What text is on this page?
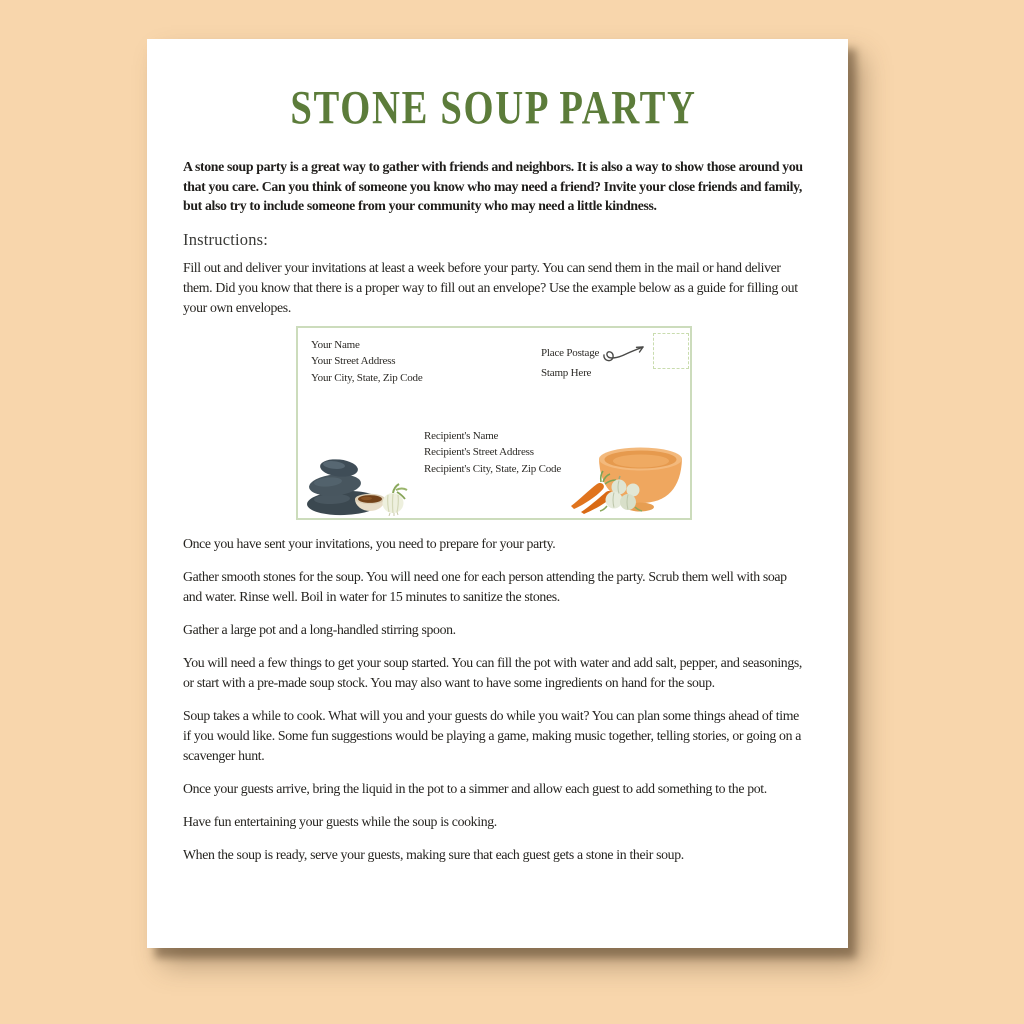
STONE SOUP PARTY

A stone soup party is a great way to gather with friends and neighbors. It is also a way to show those around you that you care. Can you think of someone you know who may need a friend? Invite your close friends and family, but also try to include someone from your community who may need a little kindness.

Instructions:

Fill out and deliver your invitations at least a week before your party. You can send them in the mail or hand deliver them. Did you know that there is a proper way to fill out an envelope? Use the example below as a guide for filling out your own envelopes.

Your Name
Your Street Address
Your City, State, Zip Code
Place Postage
Stamp Here
Recipient's Name
Recipient's Street Address
Recipient's City, State, Zip Code

Once you have sent your invitations, you need to prepare for your party.

Gather smooth stones for the soup. You will need one for each person attending the party. Scrub them well with soap and water. Rinse well. Boil in water for 15 minutes to sanitize the stones.

Gather a large pot and a long-handled stirring spoon.

You will need a few things to get your soup started. You can fill the pot with water and add salt, pepper, and seasonings, or start with a pre-made soup stock. You may also want to have some ingredients on hand for the soup.

Soup takes a while to cook. What will you and your guests do while you wait? You can plan some things ahead of time if you would like. Some fun suggestions would be playing a game, making music together, telling stories, or going on a scavenger hunt.

Once your guests arrive, bring the liquid in the pot to a simmer and allow each guest to add something to the pot.

Have fun entertaining your guests while the soup is cooking.

When the soup is ready, serve your guests, making sure that each guest gets a stone in their soup.
